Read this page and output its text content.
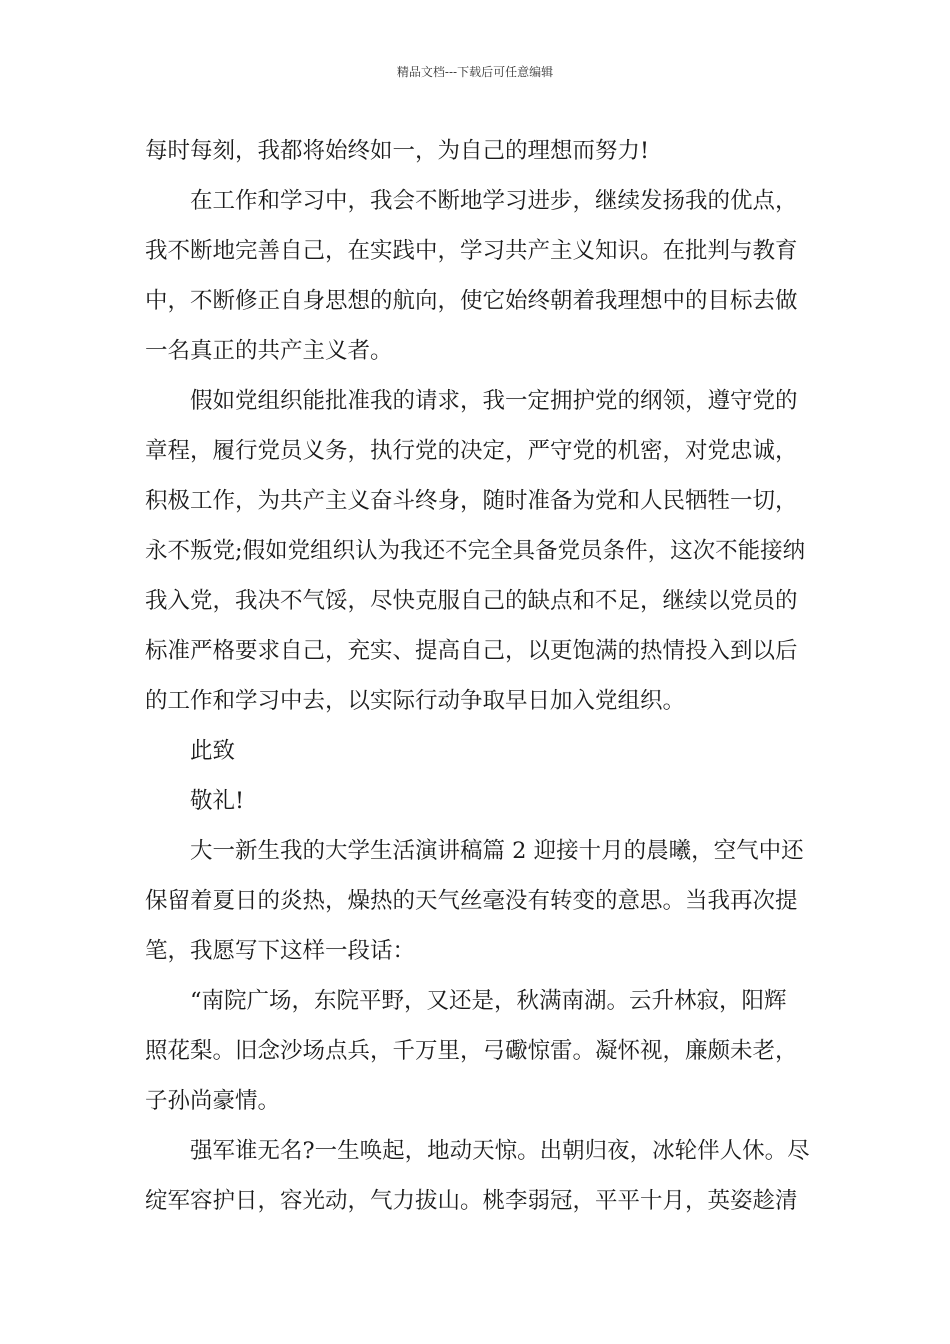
精品文档---下载后可任意编辑
每时每刻，我都将始终如一，为自己的理想而努力!
在工作和学习中，我会不断地学习进步，继续发扬我的优点，
我不断地完善自己，在实践中，学习共产主义知识。在批判与教育
中，不断修正自身思想的航向，使它始终朝着我理想中的目标去做
一名真正的共产主义者。
假如党组织能批准我的请求，我一定拥护党的纲领，遵守党的
章程，履行党员义务，执行党的决定，严守党的机密，对党忠诚，
积极工作，为共产主义奋斗终身，随时准备为党和人民牺牲一切，
永不叛党;假如党组织认为我还不完全具备党员条件，这次不能接纳
我入党，我决不气馁，尽快克服自己的缺点和不足，继续以党员的
标准严格要求自己，充实、提高自己，以更饱满的热情投入到以后
的工作和学习中去，以实际行动争取早日加入党组织。
此致
敬礼!
大一新生我的大学生活演讲稿篇 2 迎接十月的晨曦，空气中还
保留着夏日的炎热，燥热的天气丝毫没有转变的意思。当我再次提
笔，我愿写下这样一段话：
“南院广场，东院平野，又还是，秋满南湖。云升林寂，阳辉
照花梨。旧念沙场点兵，千万里，弓礮惊雷。凝怀视，廉颇未老，
子孙尚豪情。
强军谁无名?一生唤起，地动天惊。出朝归夜，冰轮伴人休。尽
绽军容护日，容光动，气力拔山。桃李弱冠，平平十月，英姿趁清
